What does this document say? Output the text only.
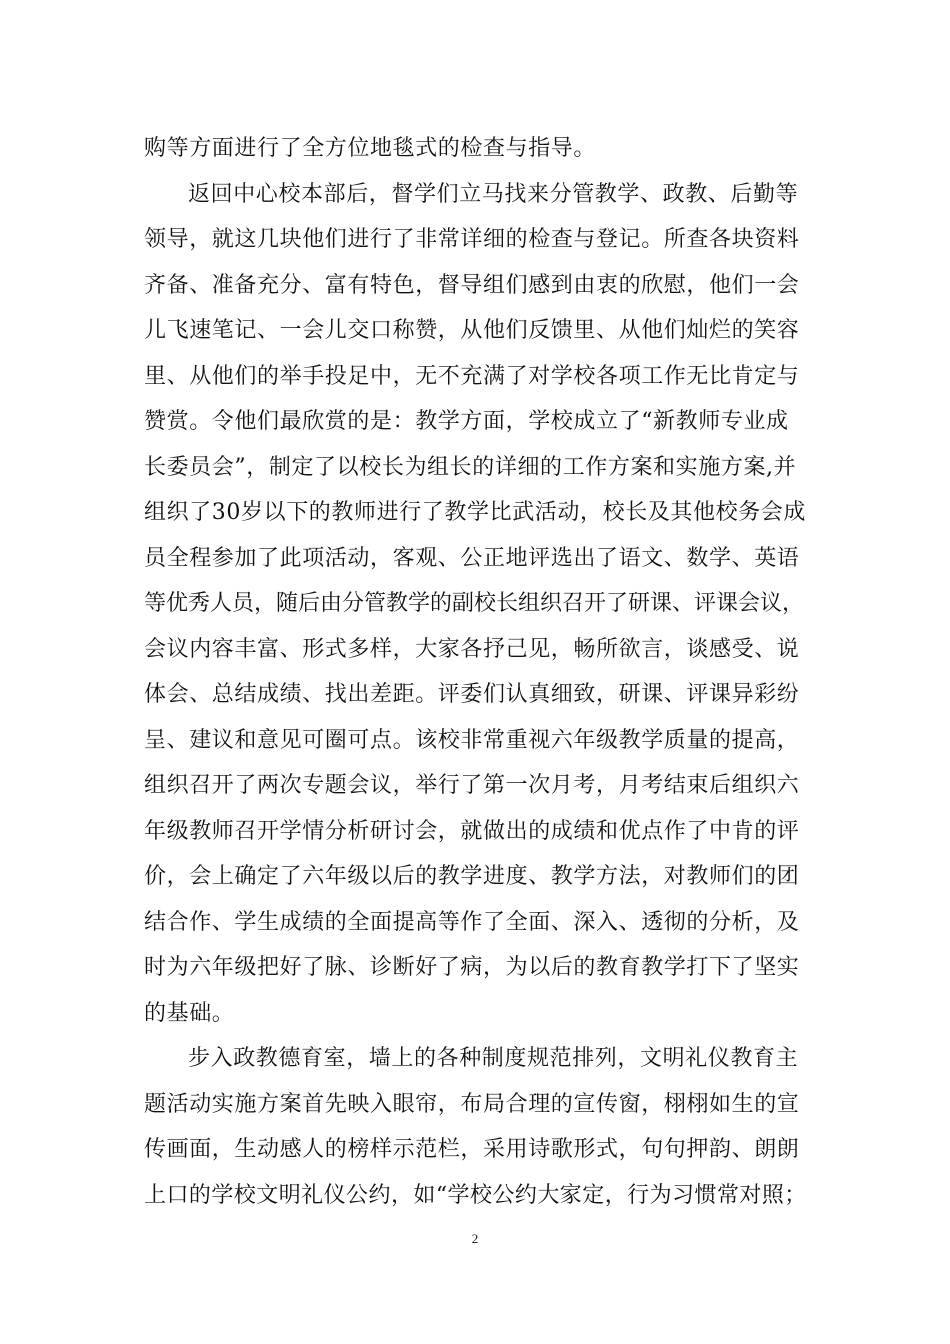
购等方面进行了全方位地毯式的检查与指导。
返回中心校本部后，督学们立马找来分管教学、政教、后勤等
领导，就这几块他们进行了非常详细的检查与登记。所查各块资料
齐备、准备充分、富有特色，督导组们感到由衷的欣慰，他们一会
儿飞速笔记、一会儿交口称赞，从他们反馈里、从他们灿烂的笑容
里、从他们的举手投足中，无不充满了对学校各项工作无比肯定与
赞赏。令他们最欣赏的是：教学方面，学校成立了“新教师专业成
长委员会”，制定了以校长为组长的详细的工作方案和实施方案,并
组织了30岁以下的教师进行了教学比武活动，校长及其他校务会成
员全程参加了此项活动，客观、公正地评选出了语文、数学、英语
等优秀人员，随后由分管教学的副校长组织召开了研课、评课会议，
会议内容丰富、形式多样，大家各抒己见，畅所欲言，谈感受、说
体会、总结成绩、找出差距。评委们认真细致，研课、评课异彩纷
呈、建议和意见可圈可点。该校非常重视六年级教学质量的提高，
组织召开了两次专题会议，举行了第一次月考，月考结束后组织六
年级教师召开学情分析研讨会，就做出的成绩和优点作了中肯的评
价，会上确定了六年级以后的教学进度、教学方法，对教师们的团
结合作、学生成绩的全面提高等作了全面、深入、透彻的分析，及
时为六年级把好了脉、诊断好了病，为以后的教育教学打下了坚实
的基础。
步入政教德育室，墙上的各种制度规范排列，文明礼仪教育主
题活动实施方案首先映入眼帘，布局合理的宣传窗，栩栩如生的宣
传画面，生动感人的榜样示范栏，采用诗歌形式，句句押韵、朗朗
上口的学校文明礼仪公约，如“学校公约大家定，行为习惯常对照；
2
